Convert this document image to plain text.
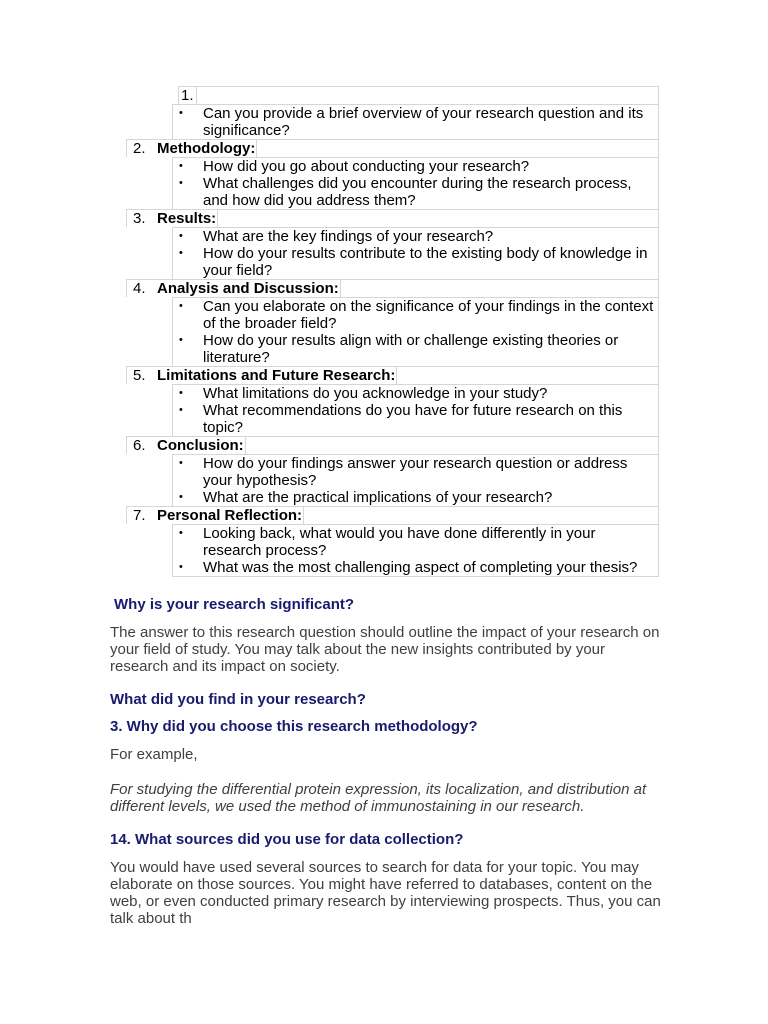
1.
• Can you provide a brief overview of your research question and its significance?
2. Methodology:
• How did you go about conducting your research?
• What challenges did you encounter during the research process, and how did you address them?
3. Results:
• What are the key findings of your research?
• How do your results contribute to the existing body of knowledge in your field?
4. Analysis and Discussion:
• Can you elaborate on the significance of your findings in the context of the broader field?
• How do your results align with or challenge existing theories or literature?
5. Limitations and Future Research:
• What limitations do you acknowledge in your study?
• What recommendations do you have for future research on this topic?
6. Conclusion:
• How do your findings answer your research question or address your hypothesis?
• What are the practical implications of your research?
7. Personal Reflection:
• Looking back, what would you have done differently in your research process?
• What was the most challenging aspect of completing your thesis?
Why is your research significant?

The answer to this research question should outline the impact of your research on your field of study. You may talk about the new insights contributed by your research and its impact on society.

What did you find in your research?
3. Why did you choose this research methodology?

For example,

For studying the differential protein expression, its localization, and distribution at different levels, we used the method of immunostaining in our research.

14. What sources did you use for data collection?

You would have used several sources to search for data for your topic. You may elaborate on those sources. You might have referred to databases, content on the web, or even conducted primary research by interviewing prospects. Thus, you can talk about th
